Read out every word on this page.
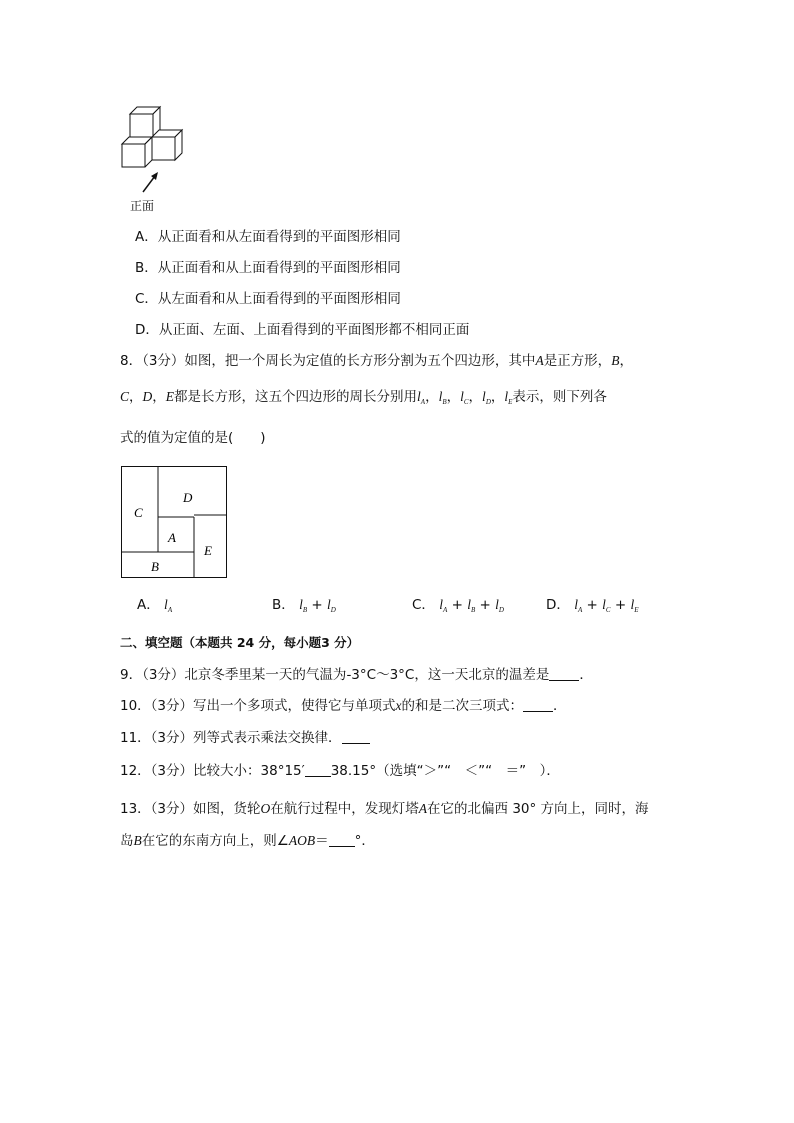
正面
A．从正面看和从左面看得到的平面图形相同
B．从正面看和从上面看得到的平面图形相同
C．从左面看和从上面看得到的平面图形相同
D．从正面、左面、上面看得到的平面图形都不相同正面
8．（3分）如图，把一个周长为定值的长方形分割为五个四边形，其中A是正方形，B，
C，D，E都是长方形，这五个四边形的周长分别用$l_A$，$l_B$，$l_C$，$l_D$，$l_E$表示，则下列各
式的值为定值的是(　　)
C
D
A
E
B
A． $l_A$	B． $l_B + l_D$	C． $l_A + l_B + l_D$	D． $l_A + l_C + l_E$
二、填空题（本题共 24 分，每小题3 分）
9．（3分）北京冬季里某一天的气温为-3°C～3°C，这一天北京的温差是 ．
10．（3分）写出一个多项式，使得它与单项式x的和是二次三项式： ．
11．（3分）列等式表示乘法交换律．
12．（3分）比较大小：38°15′ 38.15°（选填“＞”“　＜”“　＝”　）．
13．（3分）如图，货轮O在航行过程中，发现灯塔A在它的北偏西 30° 方向上，同时，海
岛B在它的东南方向上，则∠AOB＝ °．
